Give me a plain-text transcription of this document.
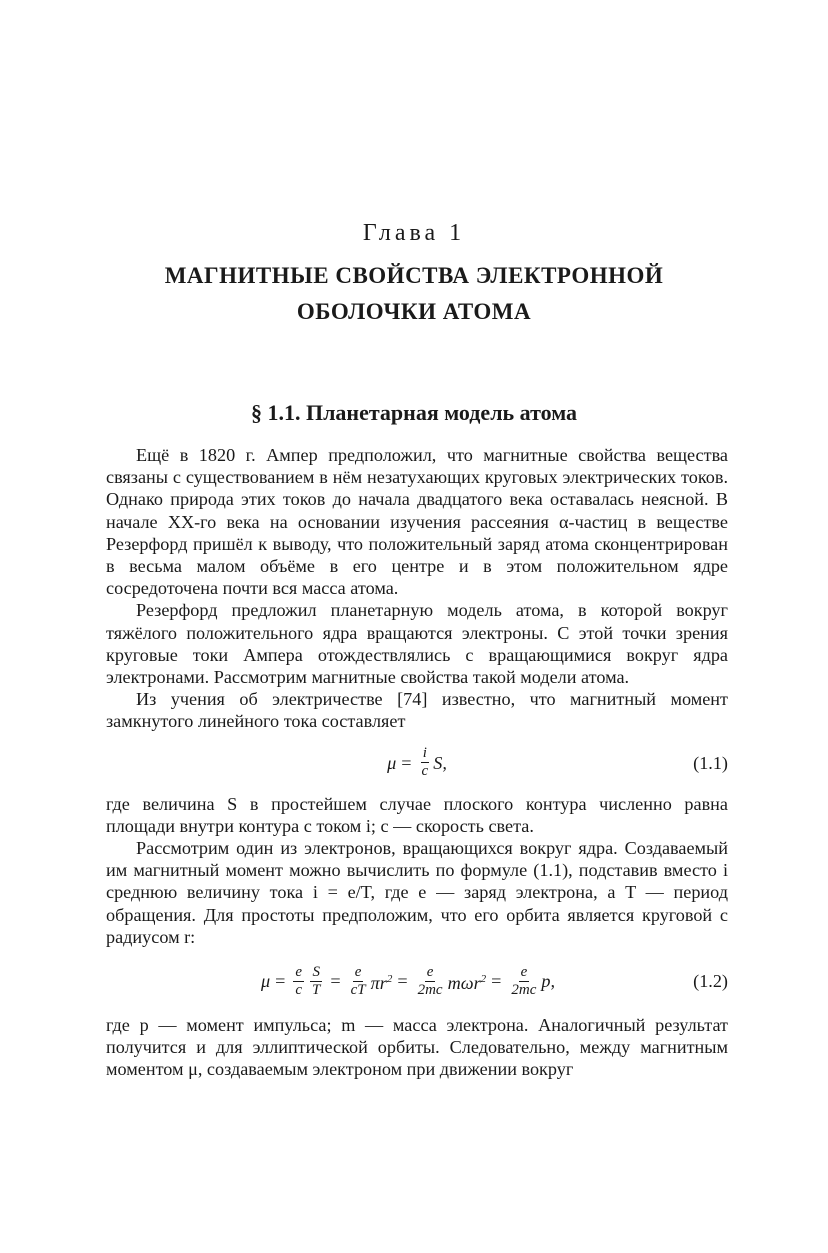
Глава 1
МАГНИТНЫЕ СВОЙСТВА ЭЛЕКТРОННОЙ
ОБОЛОЧКИ АТОМА
§ 1.1. Планетарная модель атома

Ещё в 1820 г. Ампер предположил, что магнитные свойства вещества связаны с существованием в нём незатухающих круговых электрических токов. Однако природа этих токов до начала двадцатого века оставалась неясной. В начале XX-го века на основании изучения рассеяния α-частиц в веществе Резерфорд пришёл к выводу, что положительный заряд атома сконцентрирован в весьма малом объёме в его центре и в этом положительном ядре сосредоточена почти вся масса атома.

Резерфорд предложил планетарную модель атома, в которой вокруг тяжёлого положительного ядра вращаются электроны. С этой точки зрения круговые токи Ампера отождествлялись с вращающимися вокруг ядра электронами. Рассмотрим магнитные свойства такой модели атома.

Из учения об электричестве [74] известно, что магнитный момент замкнутого линейного тока составляет

$\mu = \frac{i}{c} S$,	(1.1)

где величина S в простейшем случае плоского контура численно равна площади внутри контура с током i; c — скорость света.

Рассмотрим один из электронов, вращающихся вокруг ядра. Создаваемый им магнитный момент можно вычислить по формуле (1.1), подставив вместо i среднюю величину тока i = e/T, где e — заряд электрона, а T — период обращения. Для простоты предположим, что его орбита является круговой с радиусом r:

$\mu = \frac{e}{c} \frac{S}{T} = \frac{e}{cT} \pi r^2 = \frac{e}{2mc} m\omega r^2 = \frac{e}{2mc} p$,	(1.2)

где p — момент импульса; m — масса электрона. Аналогичный результат получится и для эллиптической орбиты. Следовательно, между магнитным моментом μ, создаваемым электроном при движении вокруг
